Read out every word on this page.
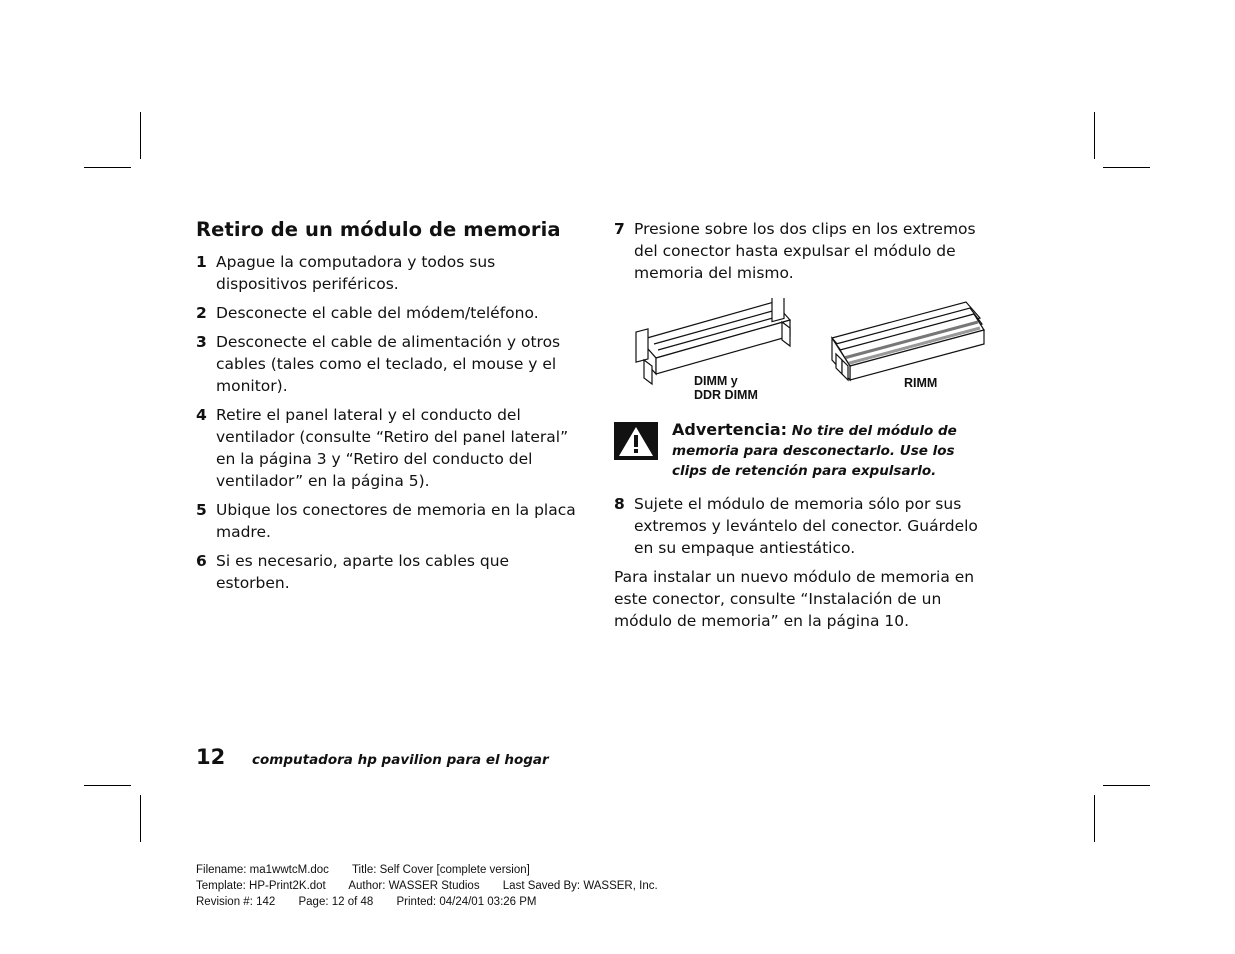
Retiro de un módulo de memoria
1 Apague la computadora y todos sus dispositivos periféricos.
2 Desconecte el cable del módem/teléfono.
3 Desconecte el cable de alimentación y otros cables (tales como el teclado, el mouse y el monitor).
4 Retire el panel lateral y el conducto del ventilador (consulte “Retiro del panel lateral” en la página 3 y “Retiro del conducto del ventilador” en la página 5).
5 Ubique los conectores de memoria en la placa madre.
6 Si es necesario, aparte los cables que estorben.
7 Presione sobre los dos clips en los extremos del conector hasta expulsar el módulo de memoria del mismo.
DIMM y
DDR DIMM
RIMM
Advertencia: No tire del módulo de memoria para desconectarlo. Use los clips de retención para expulsarlo.
8 Sujete el módulo de memoria sólo por sus extremos y levántelo del conector. Guárdelo en su empaque antiestático.

Para instalar un nuevo módulo de memoria en este conector, consulte “Instalación de un módulo de memoria” en la página 10.

12	computadora hp pavilion para el hogar
Filename: ma1wwtcM.doc Title: Self Cover [complete version]
Template: HP-Print2K.dot Author: WASSER Studios Last Saved By: WASSER, Inc.
Revision #: 142 Page: 12 of 48 Printed: 04/24/01 03:26 PM
